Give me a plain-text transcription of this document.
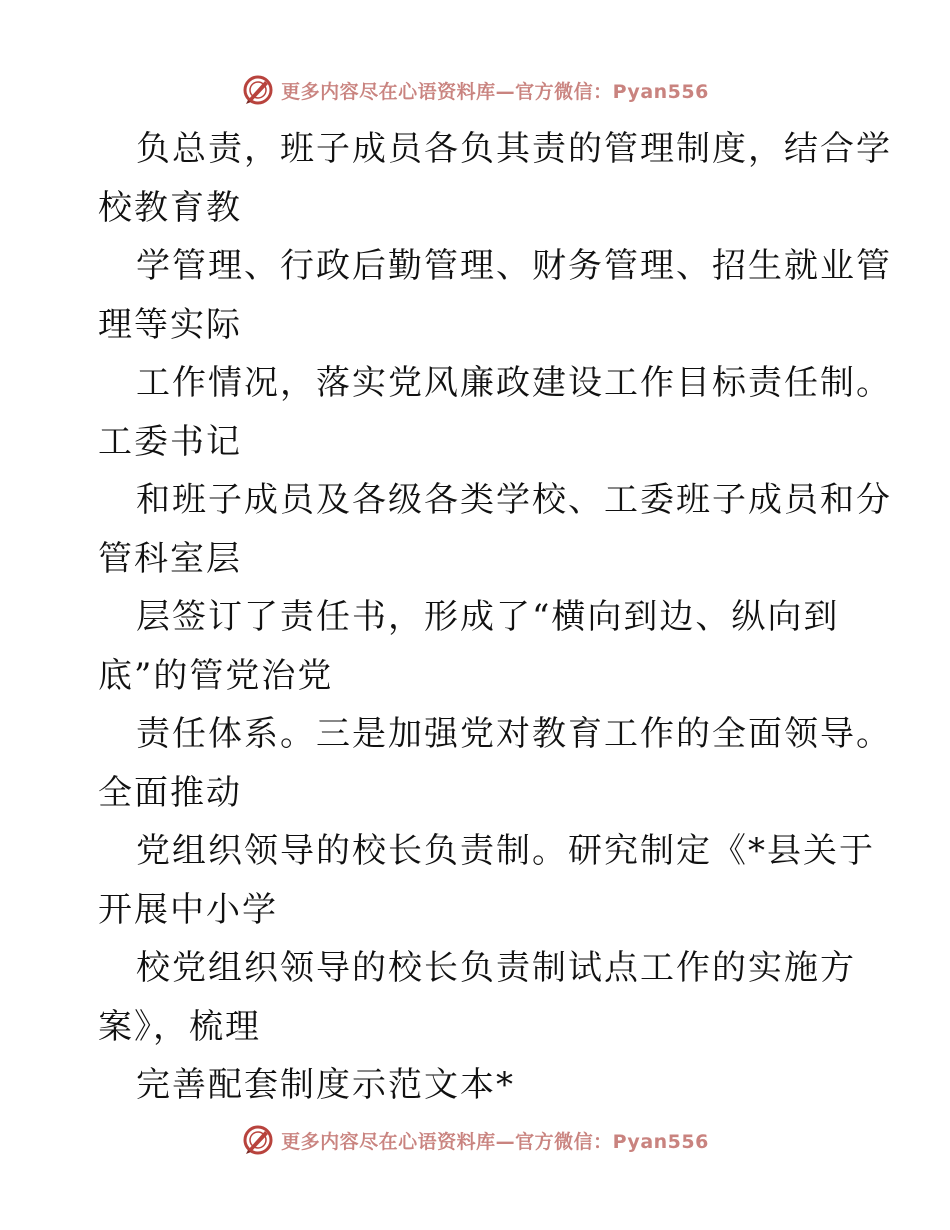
更多内容尽在心语资料库—官方微信：Pyan556
负总责，班子成员各负其责的管理制度，结合学
校教育教
学管理、行政后勤管理、财务管理、招生就业管
理等实际
工作情况，落实党风廉政建设工作目标责任制。
工委书记
和班子成员及各级各类学校、工委班子成员和分
管科室层
层签订了责任书，形成了“横向到边、纵向到
底”的管党治党
责任体系。三是加强党对教育工作的全面领导。
全面推动
党组织领导的校长负责制。研究制定《*县关于
开展中小学
校党组织领导的校长负责制试点工作的实施方
案》，梳理
完善配套制度示范文本*
更多内容尽在心语资料库—官方微信：Pyan556
